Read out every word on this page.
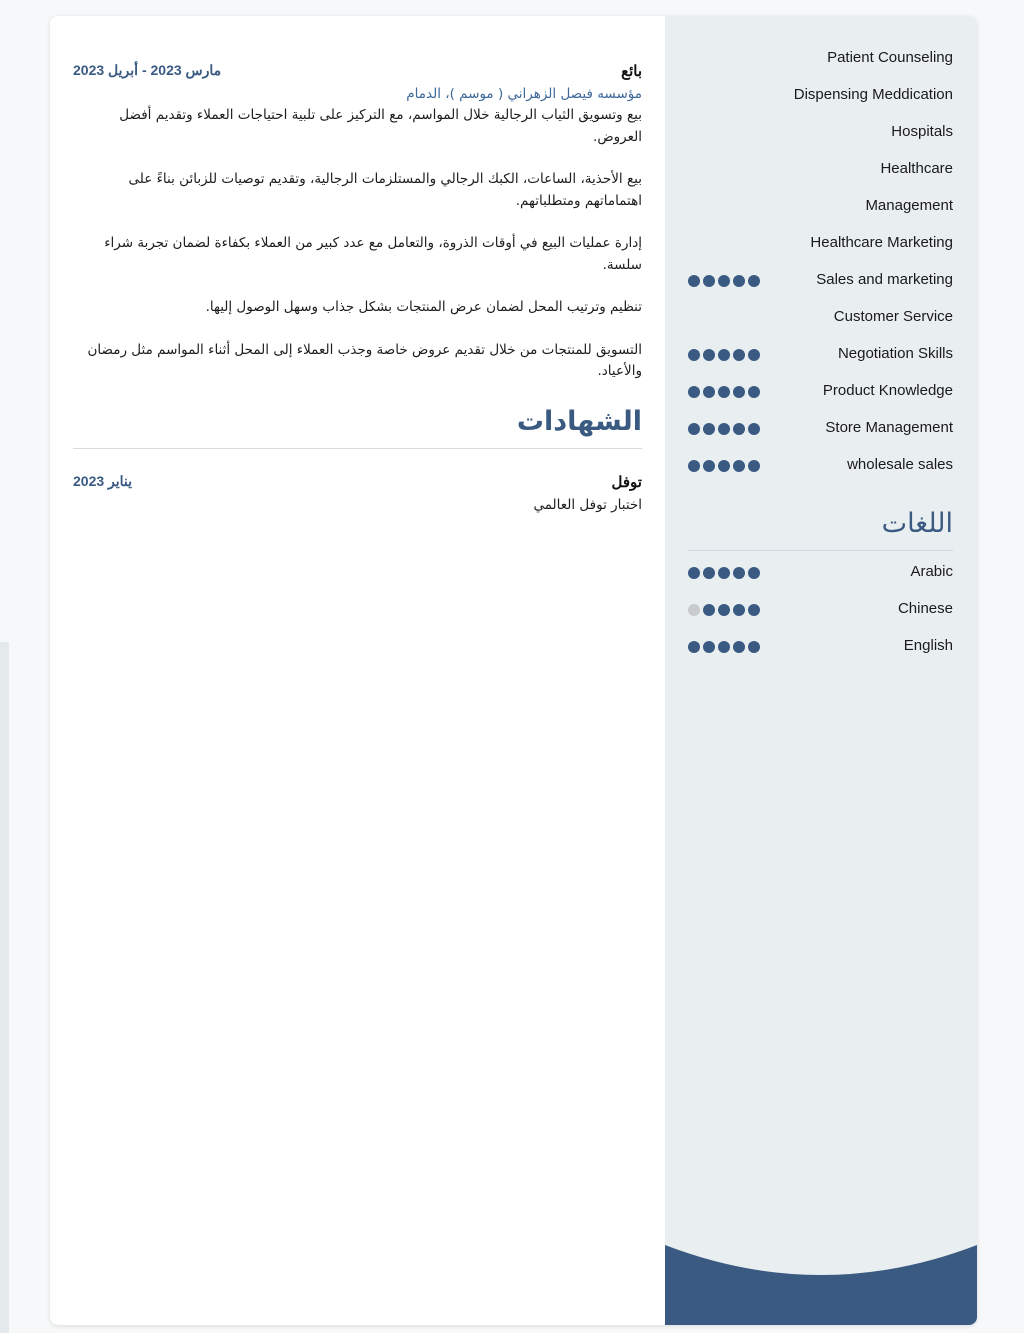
بائع
مارس 2023 - أبريل 2023
مؤسسه فيصل الزهراني ( موسم )، الدمام

بيع وتسويق الثياب الرجالية خلال المواسم، مع التركيز على تلبية احتياجات العملاء وتقديم أفضل العروض.

بيع الأحذية، الساعات، الكبك الرجالي والمستلزمات الرجالية، وتقديم توصيات للزبائن بناءً على اهتماماتهم ومتطلباتهم.

إدارة عمليات البيع في أوقات الذروة، والتعامل مع عدد كبير من العملاء بكفاءة لضمان تجربة شراء سلسة.

تنظيم وترتيب المحل لضمان عرض المنتجات بشكل جذاب وسهل الوصول إليها.

التسويق للمنتجات من خلال تقديم عروض خاصة وجذب العملاء إلى المحل أثناء المواسم مثل رمضان والأعياد.

الشهادات
توفل
يناير 2023
اختبار توفل العالمي
Patient Counseling
Dispensing Meddication
Hospitals
Healthcare
Management
Healthcare Marketing
Sales and marketing
Customer Service
Negotiation Skills
Product Knowledge
Store Management
wholesale sales
اللغات
Arabic
Chinese
English
